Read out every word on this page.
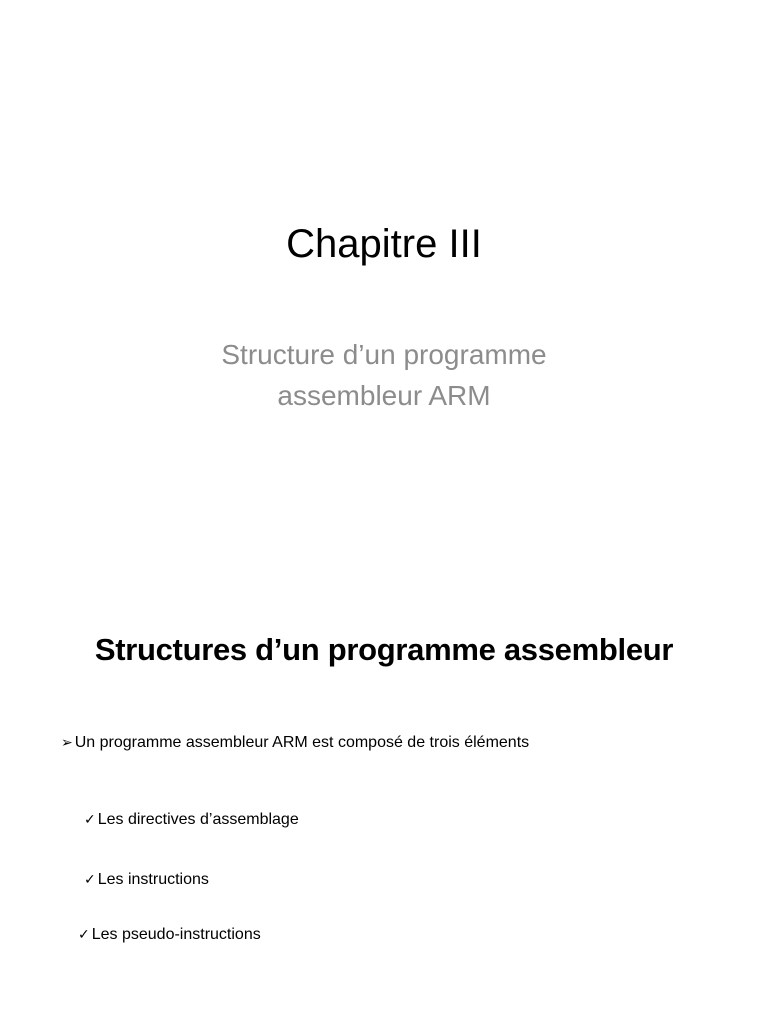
Chapitre III
Structure d’un programme
assembleur ARM
Structures d’un programme assembleur
➢ Un programme assembleur ARM est composé de trois éléments
✓ Les directives d’assemblage
✓ Les instructions
✓ Les pseudo-instructions
